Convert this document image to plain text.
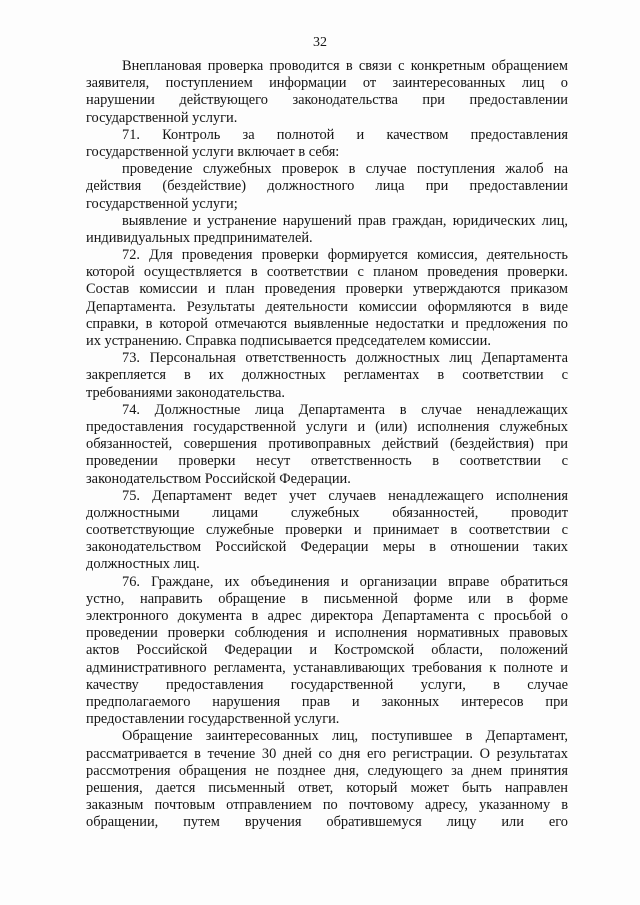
32
Внеплановая проверка проводится в связи с конкретным обращением
заявителя, поступлением информации от заинтересованных лиц о
нарушении действующего законодательства при предоставлении
государственной услуги.
71. Контроль за полнотой и качеством предоставления
государственной услуги включает в себя:
проведение служебных проверок в случае поступления жалоб на
действия (бездействие) должностного лица при предоставлении
государственной услуги;
выявление и устранение нарушений прав граждан, юридических лиц,
индивидуальных предпринимателей.
72. Для проведения проверки формируется комиссия, деятельность
которой осуществляется в соответствии с планом проведения проверки.
Состав комиссии и план проведения проверки утверждаются приказом
Департамента. Результаты деятельности комиссии оформляются в виде
справки, в которой отмечаются выявленные недостатки и предложения по
их устранению. Справка подписывается председателем комиссии.
73. Персональная ответственность должностных лиц Департамента
закрепляется в их должностных регламентах в соответствии с
требованиями законодательства.
74. Должностные лица Департамента в случае ненадлежащих
предоставления государственной услуги и (или) исполнения служебных
обязанностей, совершения противоправных действий (бездействия) при
проведении проверки несут ответственность в соответствии с
законодательством Российской Федерации.
75. Департамент ведет учет случаев ненадлежащего исполнения
должностными лицами служебных обязанностей, проводит
соответствующие служебные проверки и принимает в соответствии с
законодательством Российской Федерации меры в отношении таких
должностных лиц.
76. Граждане, их объединения и организации вправе обратиться
устно, направить обращение в письменной форме или в форме
электронного документа в адрес директора Департамента с просьбой о
проведении проверки соблюдения и исполнения нормативных правовых
актов Российской Федерации и Костромской области, положений
административного регламента, устанавливающих требования к полноте и
качеству предоставления государственной услуги, в случае
предполагаемого нарушения прав и законных интересов при
предоставлении государственной услуги.
Обращение заинтересованных лиц, поступившее в Департамент,
рассматривается в течение 30 дней со дня его регистрации. О результатах
рассмотрения обращения не позднее дня, следующего за днем принятия
решения, дается письменный ответ, который может быть направлен
заказным почтовым отправлением по почтовому адресу, указанному в
обращении, путем вручения обратившемуся лицу или его
